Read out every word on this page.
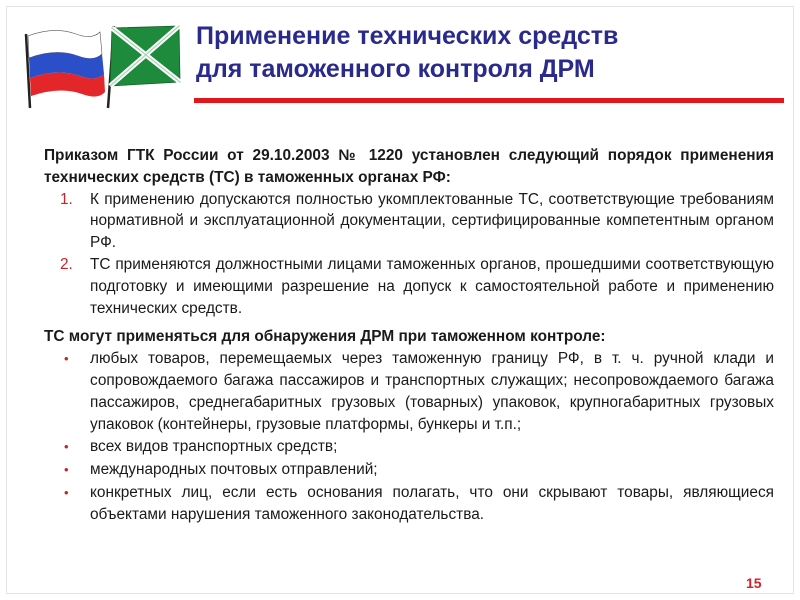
Применение технических средств
для таможенного контроля ДРМ
Приказом ГТК России от 29.10.2003 № 1220 установлен следующий порядок применения технических средств (ТС) в таможенных органах РФ:
1. К применению допускаются полностью укомплектованные ТС, соответствующие требованиям нормативной и эксплуатационной документации, сертифицированные компетентным органом РФ.
2. ТС применяются должностными лицами таможенных органов, прошедшими соответствующую подготовку и имеющими разрешение на допуск к самостоятельной работе и применению технических средств.
ТС могут применяться для обнаружения ДРМ при таможенном контроле:
• любых товаров, перемещаемых через таможенную границу РФ, в т. ч. ручной клади и сопровождаемого багажа пассажиров и транспортных служащих; несопровождаемого багажа пассажиров, среднегабаритных грузовых (товарных) упаковок, крупногабаритных грузовых упаковок (контейнеры, грузовые платформы, бункеры и т.п.;
• всех видов транспортных средств;
• международных почтовых отправлений;
• конкретных лиц, если есть основания полагать, что они скрывают товары, являющиеся объектами нарушения таможенного законодательства.
15
